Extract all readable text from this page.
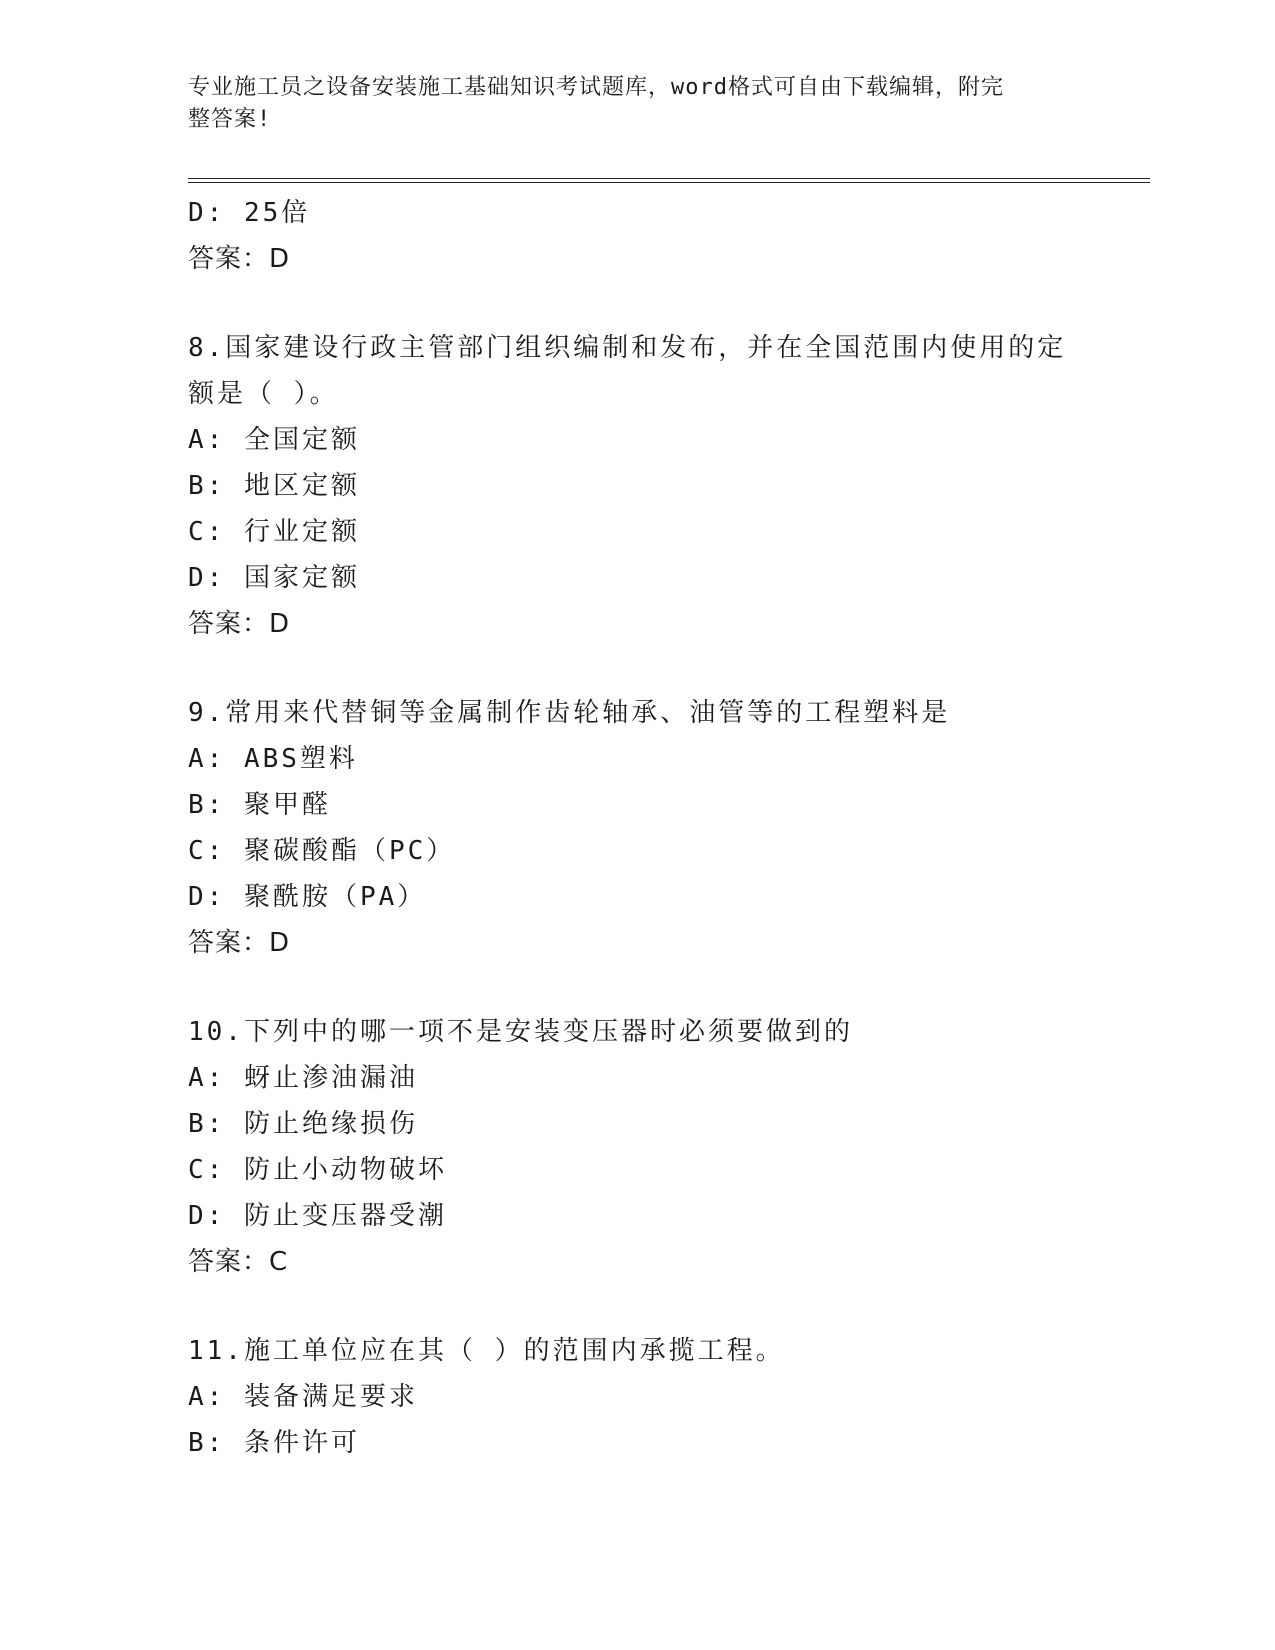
专业施工员之设备安装施工基础知识考试题库，word格式可自由下载编辑，附完
整答案!
D: 25倍
答案：D
8.国家建设行政主管部门组织编制和发布，并在全国范围内使用的定
额是（ ）。
A: 全国定额
B: 地区定额
C: 行业定额
D: 国家定额
答案：D
9.常用来代替铜等金属制作齿轮轴承、油管等的工程塑料是
A: ABS塑料
B: 聚甲醛
C: 聚碳酸酯（PC）
D: 聚酰胺（PA）
答案：D
10.下列中的哪一项不是安装变压器时必须要做到的
A: 蚜止渗油漏油
B: 防止绝缘损伤
C: 防止小动物破坏
D: 防止变压器受潮
答案：C
11.施工单位应在其（ ）的范围内承揽工程。
A: 装备满足要求
B: 条件许可
